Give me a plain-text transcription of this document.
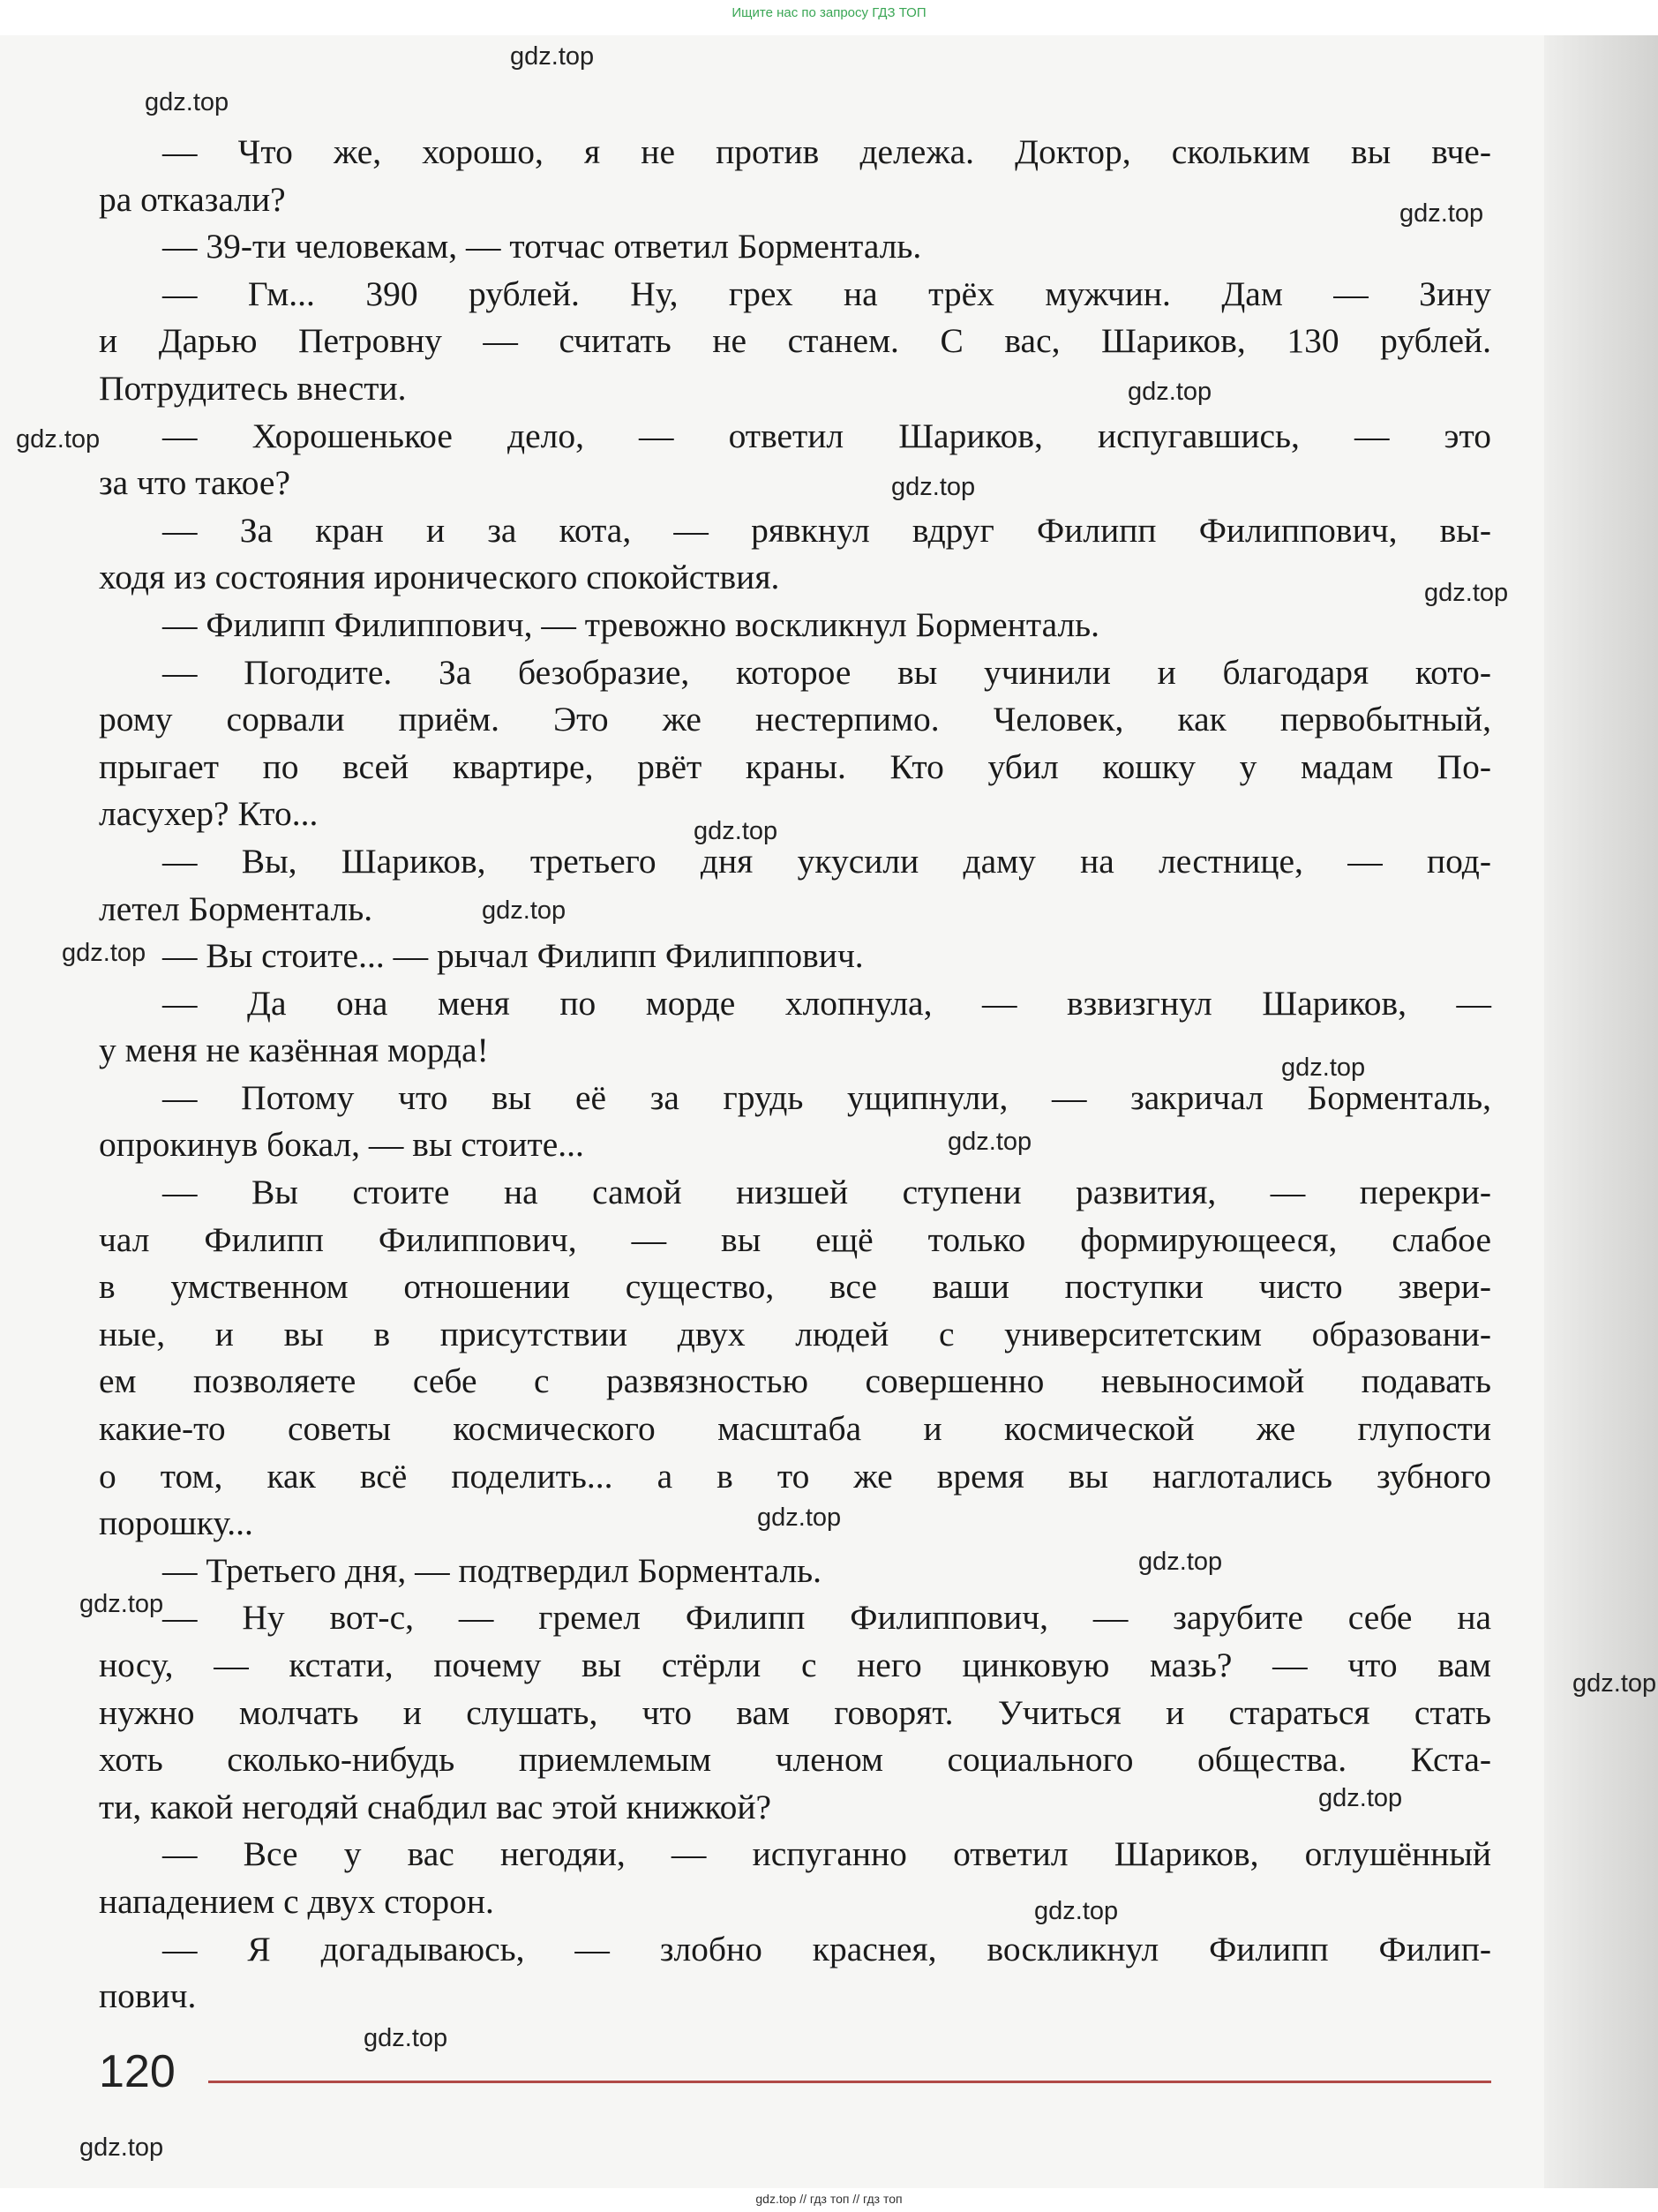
Ищите нас по запросу ГДЗ ТОП
— Что же, хорошо, я не против дележа. Доктор, скольким вы вче-
ра отказали?
— 39-ти человекам, — тотчас ответил Борменталь.
— Гм... 390 рублей. Ну, грех на трёх мужчин. Дам — Зину
и Дарью Петровну — считать не станем. С вас, Шариков, 130 рублей.
Потрудитесь внести.
— Хорошенькое дело, — ответил Шариков, испугавшись, — это
за что такое?
— За кран и за кота, — рявкнул вдруг Филипп Филиппович, вы-
ходя из состояния иронического спокойствия.
— Филипп Филиппович, — тревожно воскликнул Борменталь.
— Погодите. За безобразие, которое вы учинили и благодаря кото-
рому сорвали приём. Это же нестерпимо. Человек, как первобытный,
прыгает по всей квартире, рвёт краны. Кто убил кошку у мадам По-
ласухер? Кто...
— Вы, Шариков, третьего дня укусили даму на лестнице, — под-
летел Борменталь.
— Вы стоите... — рычал Филипп Филиппович.
— Да она меня по морде хлопнула, — взвизгнул Шариков, —
у меня не казённая морда!
— Потому что вы её за грудь ущипнули, — закричал Борменталь,
опрокинув бокал, — вы стоите...
— Вы стоите на самой низшей ступени развития, — перекри-
чал Филипп Филиппович, — вы ещё только формирующееся, слабое
в умственном отношении существо, все ваши поступки чисто звери-
ные, и вы в присутствии двух людей с университетским образовани-
ем позволяете себе с развязностью совершенно невыносимой подавать
какие-то советы космического масштаба и космической же глупости
о том, как всё поделить... а в то же время вы наглотались зубного
порошку...
— Третьего дня, — подтвердил Борменталь.
— Ну вот-с, — гремел Филипп Филиппович, — зарубите себе на
носу, — кстати, почему вы стёрли с него цинковую мазь? — что вам
нужно молчать и слушать, что вам говорят. Учиться и стараться стать
хоть сколько-нибудь приемлемым членом социального общества. Кста-
ти, какой негодяй снабдил вас этой книжкой?
— Все у вас негодяи, — испуганно ответил Шариков, оглушённый
нападением с двух сторон.
— Я догадываюсь, — злобно краснея, воскликнул Филипп Филип-
пович.
120
gdz.top
gdz.top
gdz.top
gdz.top
gdz.top
gdz.top
gdz.top
gdz.top
gdz.top
gdz.top
gdz.top
gdz.top
gdz.top
gdz.top
gdz.top
gdz.top
gdz.top
gdz.top
gdz.top
gdz.top
gdz.top // гдз топ // гдз топ
